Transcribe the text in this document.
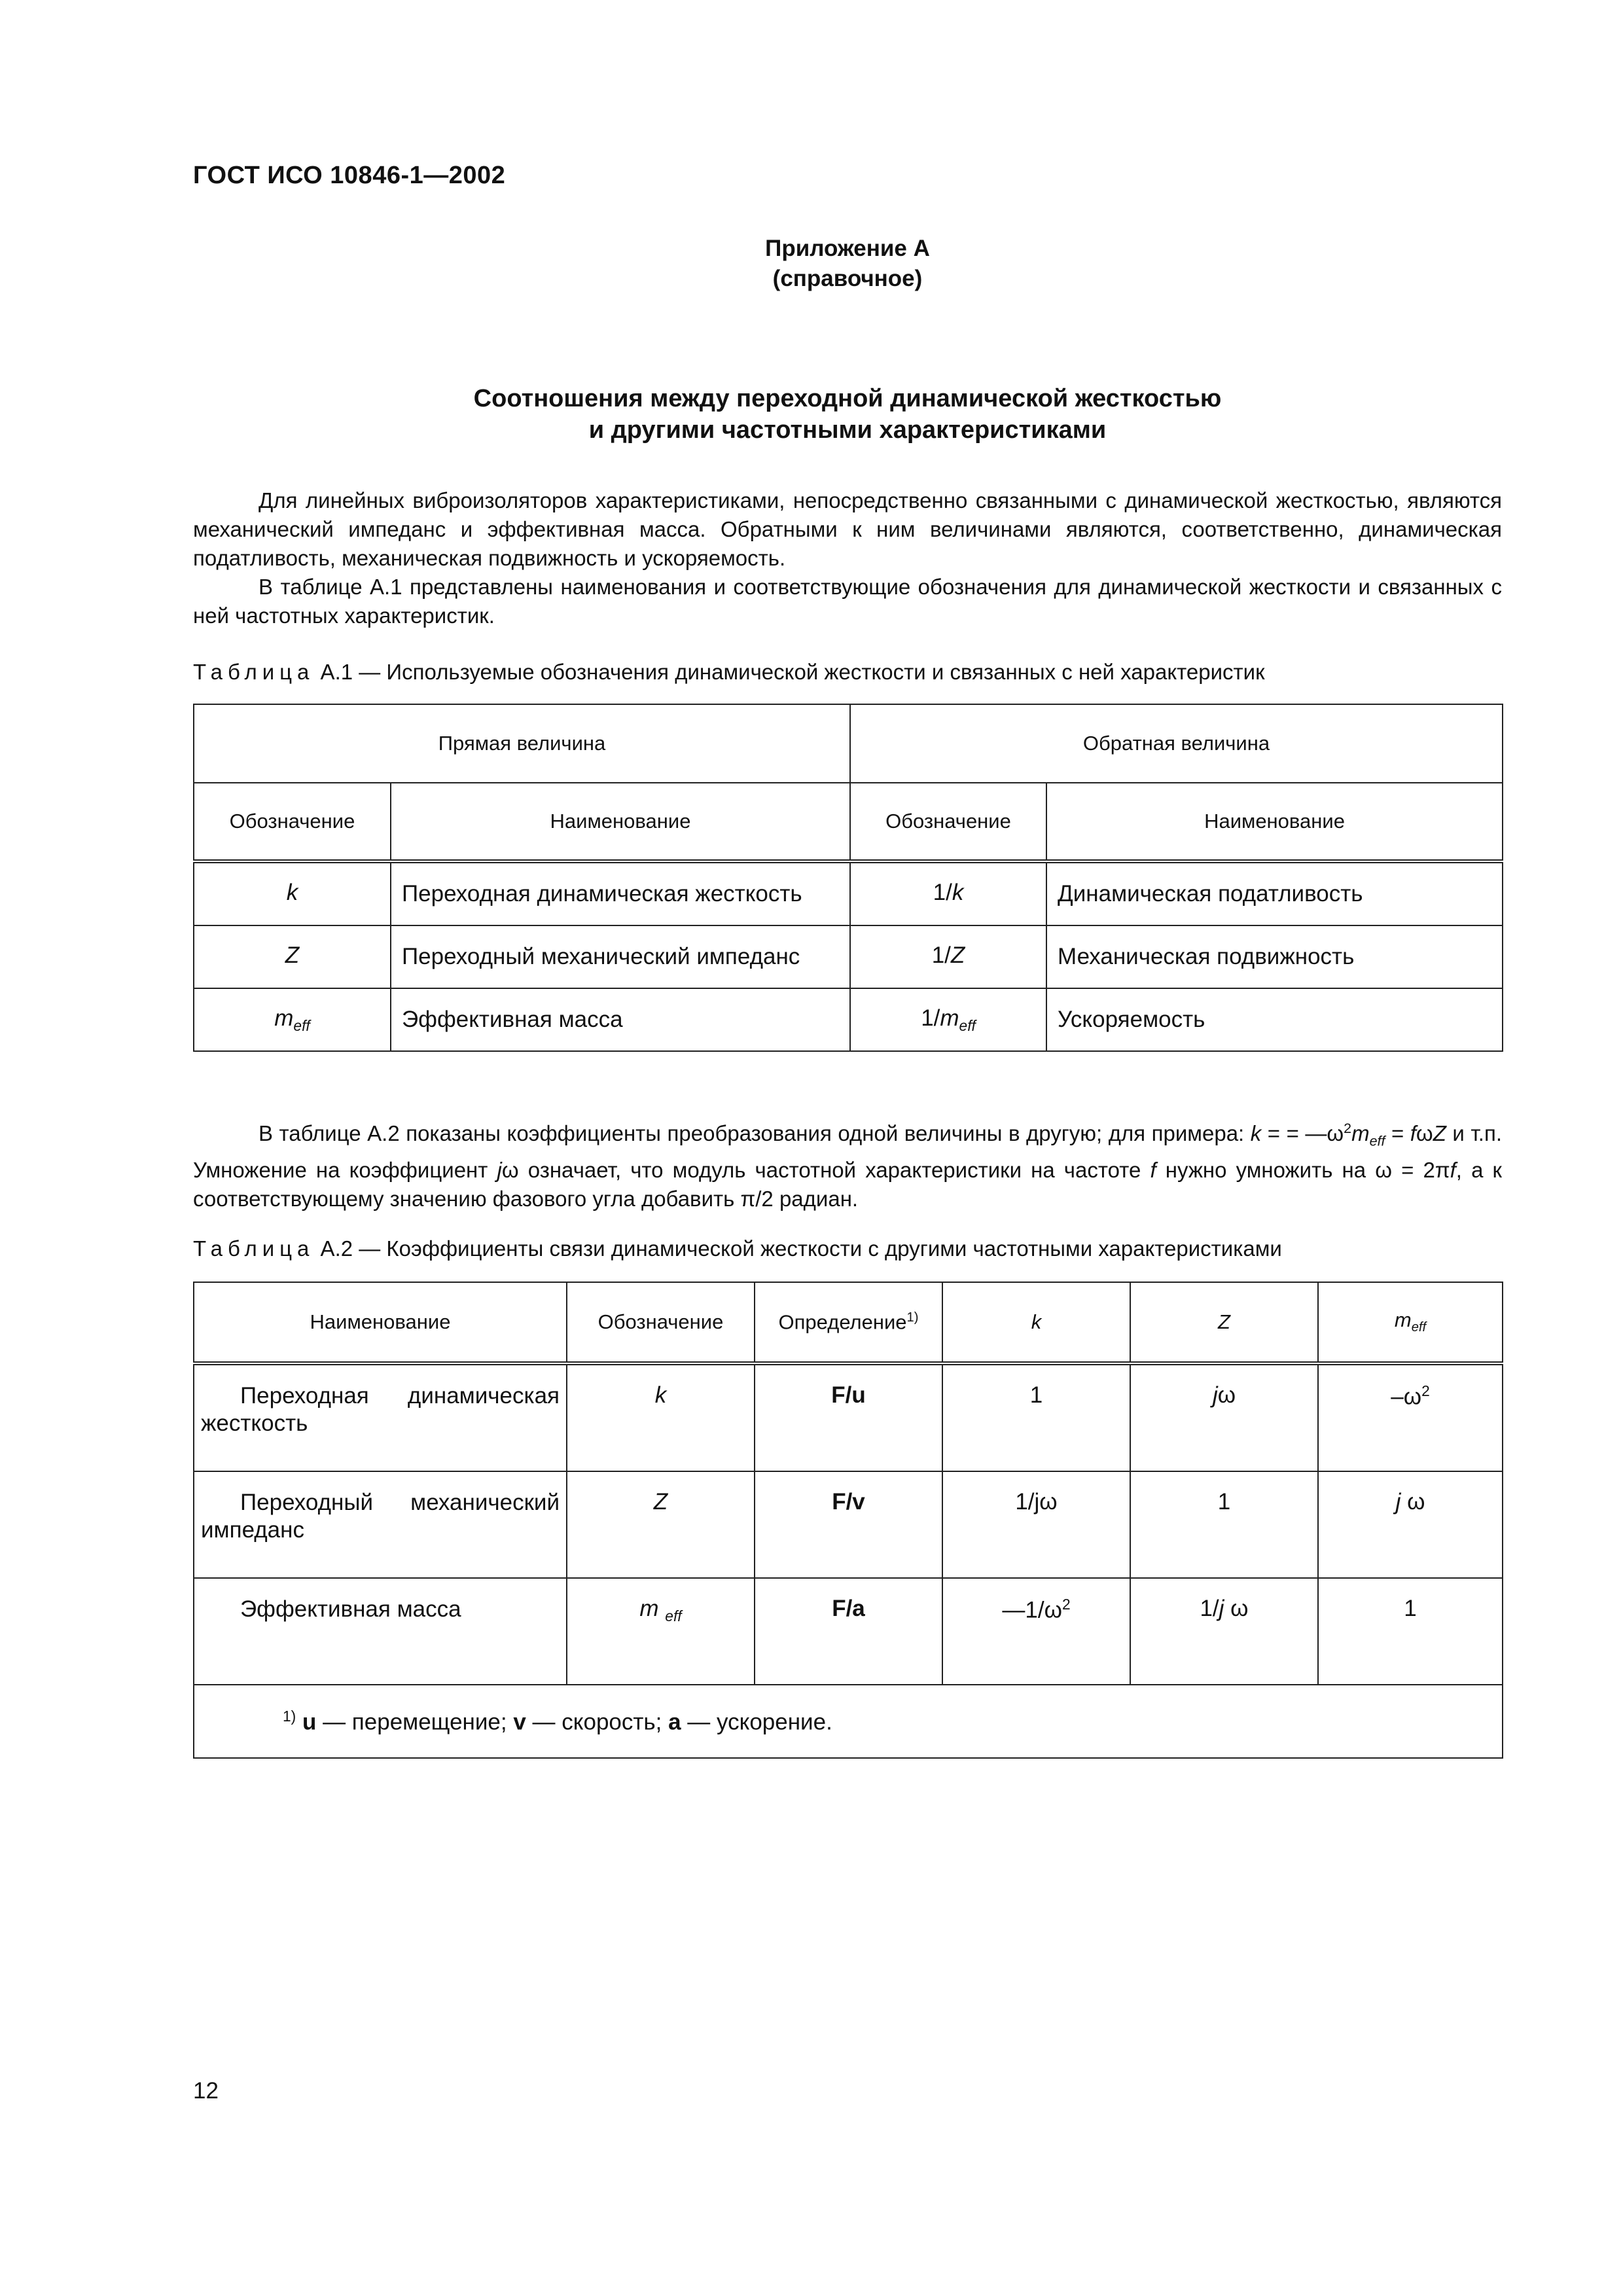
ГОСТ ИСО 10846-1—2002
Приложение А
(справочное)
Соотношения между переходной динамической жесткостью
и другими частотными характеристиками
Для линейных виброизоляторов характеристиками, непосредственно связанными с динамической жесткостью, являются механический импеданс и эффективная масса. Обратными к ним величинами являются, соответственно, динамическая податливость, механическая подвижность и ускоряемость.
В таблице А.1 представлены наименования и соответствующие обозначения для динамической жесткости и связанных с ней частотных характеристик.
Таблица А.1 — Используемые обозначения динамической жесткости и связанных с ней характеристик
Прямая величина		Обратная величина	
Обозначение	Наименование	Обозначение	Наименование
k	Переходная динамическая жесткость	1/k	Динамическая податливость
Z	Переходный механический импеданс	1/Z	Механическая подвижность
$m_{eff}$	Эффективная масса	$1/m_{eff}$	Ускоряемость
В таблице А.2 показаны коэффициенты преобразования одной величины в другую; для примера: k = = $—\omega^2m_{eff} = f\omega Z$ и т.п. Умножение на коэффициент jω означает, что модуль частотной характеристики на частоте f нужно умножить на ω = 2πf, а к соответствующему значению фазового угла добавить π/2 радиан.
Таблица А.2 — Коэффициенты связи динамической жесткости с другими частотными характеристиками
Наименование	Обозначение	Определение$^{1)}$	k	Z	$m_{eff}$
Переходная динамическая жесткость	k	F/u	1	jω	$-\omega^2$
Переходный механический импеданс	Z	F/v	1/jω	1	j ω
Эффективная масса	m $_{eff}$	F/a	$—1/\omega^2$	1/j ω	1
$^{1)}$ u — перемещение; v — скорость; a — ускорение.					
12
